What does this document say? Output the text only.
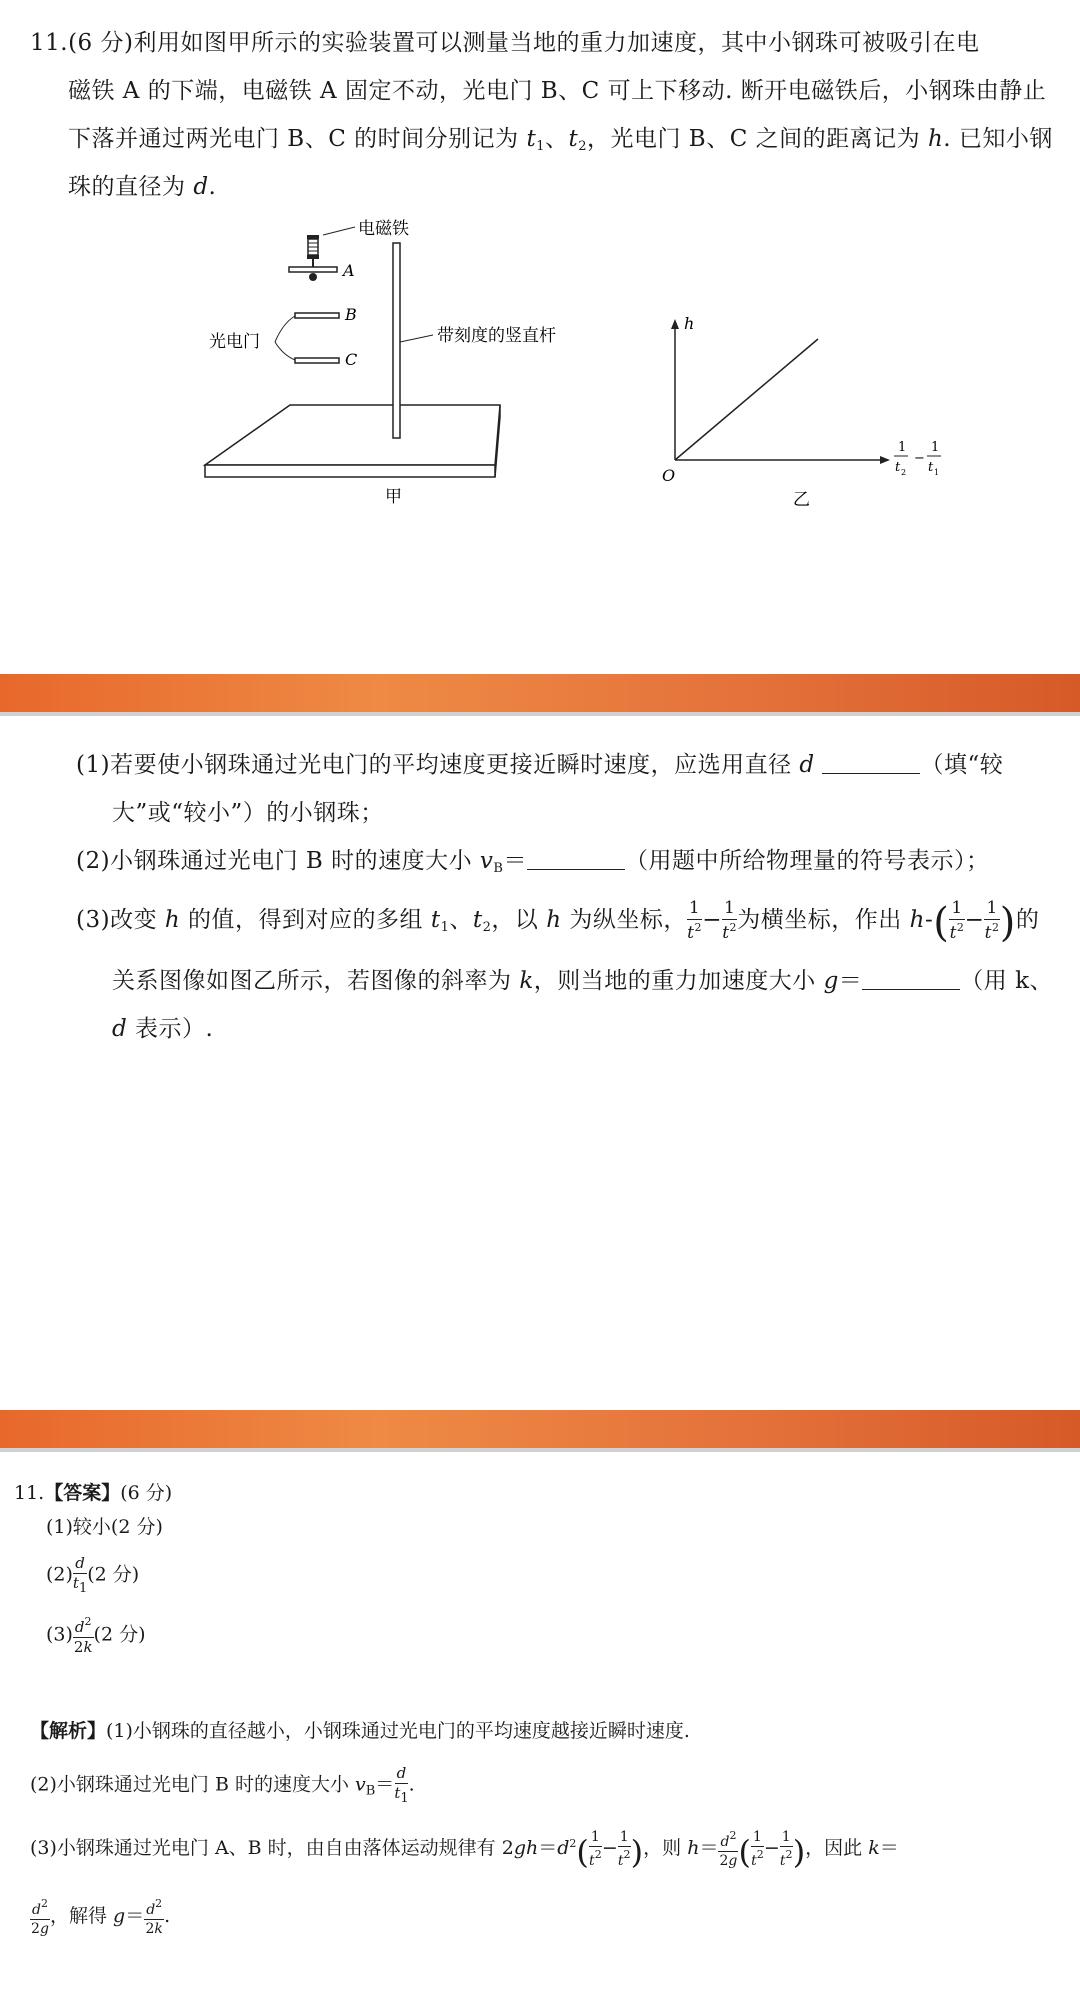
11.(6 分)利用如图甲所示的实验装置可以测量当地的重力加速度，其中小钢珠可被吸引在电
磁铁 A 的下端，电磁铁 A 固定不动，光电门 B、C 可上下移动. 断开电磁铁后，小钢珠由静止
下落并通过两光电门 B、C 的时间分别记为 $t_1$、$t_2$，光电门 B、C 之间的距离记为 h. 已知小钢
珠的直径为 d.
电磁铁
A
B
C
光电门	带刻度的竖直杆
甲
h
O
1
t 2
−
1
t 1
乙
(1)若要使小钢珠通过光电门的平均速度更接近瞬时速度，应选用直径 d	（填“较
大”或“较小”）的小钢珠；
(2)小钢珠通过光电门 B 时的速度大小 $v_B=$	（用题中所给物理量的符号表示）；
(3)改变 h 的值，得到对应的多组 $t_1$、$t_2$，以 h 为纵坐标， $\frac{1}{t^2} - \frac{1}{t^2}$ 为横坐标，作出 $h-( \frac{1}{t^2} - \frac{1}{t^2}$ )的
关系图像如图乙所示，若图像的斜率为 k，则当地的重力加速度大小 g＝	（用 k、
d 表示）.
11.【答案】(6 分)
(1)较小(2 分)
$(2) \frac{d}{t1} (2$ 分)
$(3) \frac{d^2}{2k} (2$ 分)
【解析】(1)小钢珠的直径越小，小钢珠通过光电门的平均速度越接近瞬时速度.
(2)小钢珠通过光电门 B 时的速度大小 $v_B= \frac{d}{t1}$ .
(3)小钢珠通过光电门 A、B 时，由自由落体运动规律有 $2gh=d^2( \frac{1}{t^2} - \frac{1}{t^2}$ )，则 $h= \frac{d^2}{2g}$ ( $\frac{1}{t^2} - \frac{1}{t^2}$ )，因此 k＝
$\frac{d^2}{2g}$ ，解得 $g= \frac{d^2}{2k}$ .
